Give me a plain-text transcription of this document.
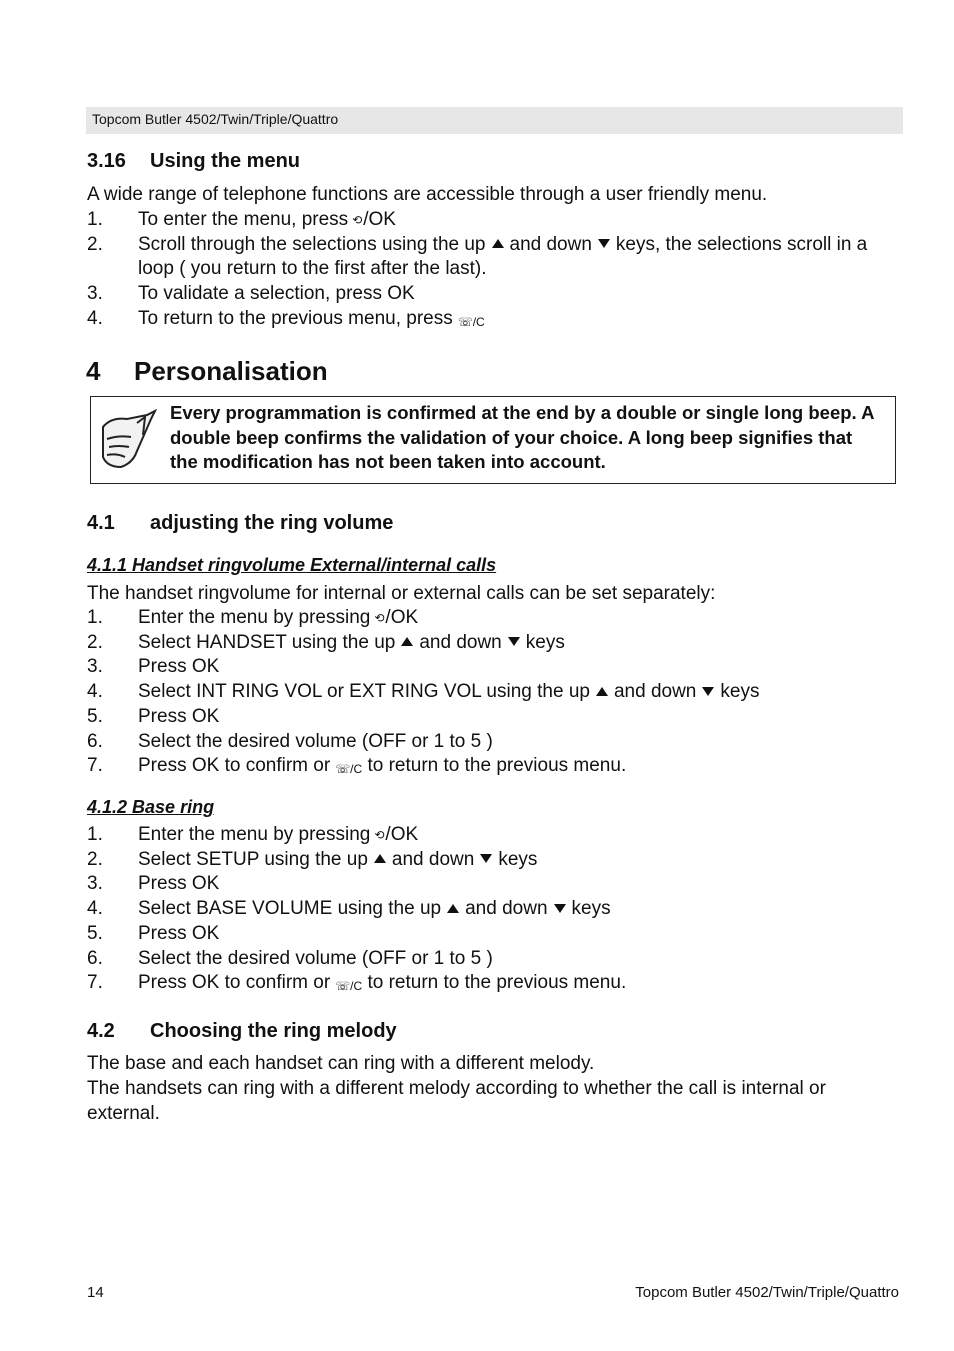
Topcom Butler 4502/Twin/Triple/Quattro
3.16 Using the menu
A wide range of telephone functions are accessible through a user friendly menu.
1. To enter the menu, press ⟲/OK
2. Scroll through the selections using the up and down keys, the selections scroll in a loop ( you return to the first after the last).
3. To validate a selection, press OK
4. To return to the previous menu, press ☏/C
4 Personalisation
Every programmation is confirmed at the end by a double or single long beep. A double beep confirms the validation of your choice. A long beep signifies that the modification has not been taken into account.
4.1 adjusting the ring volume
4.1.1 Handset ringvolume External/internal calls
The handset ringvolume for internal or external calls can be set separately:
1. Enter the menu by pressing ⟲/OK
2. Select HANDSET using the up and down keys
3. Press OK
4. Select INT RING VOL or EXT RING VOL using the up and down keys
5. Press OK
6. Select the desired volume (OFF or 1 to 5 )
7. Press OK to confirm or ☏/C to return to the previous menu.
4.1.2 Base ring
1. Enter the menu by pressing ⟲/OK
2. Select SETUP using the up and down keys
3. Press OK
4. Select BASE VOLUME using the up and down keys
5. Press OK
6. Select the desired volume (OFF or 1 to 5 )
7. Press OK to confirm or ☏/C to return to the previous menu.
4.2 Choosing the ring melody
The base and each handset can ring with a different melody.
The handsets can ring with a different melody according to whether the call is internal or external.
14	Topcom Butler 4502/Twin/Triple/Quattro
